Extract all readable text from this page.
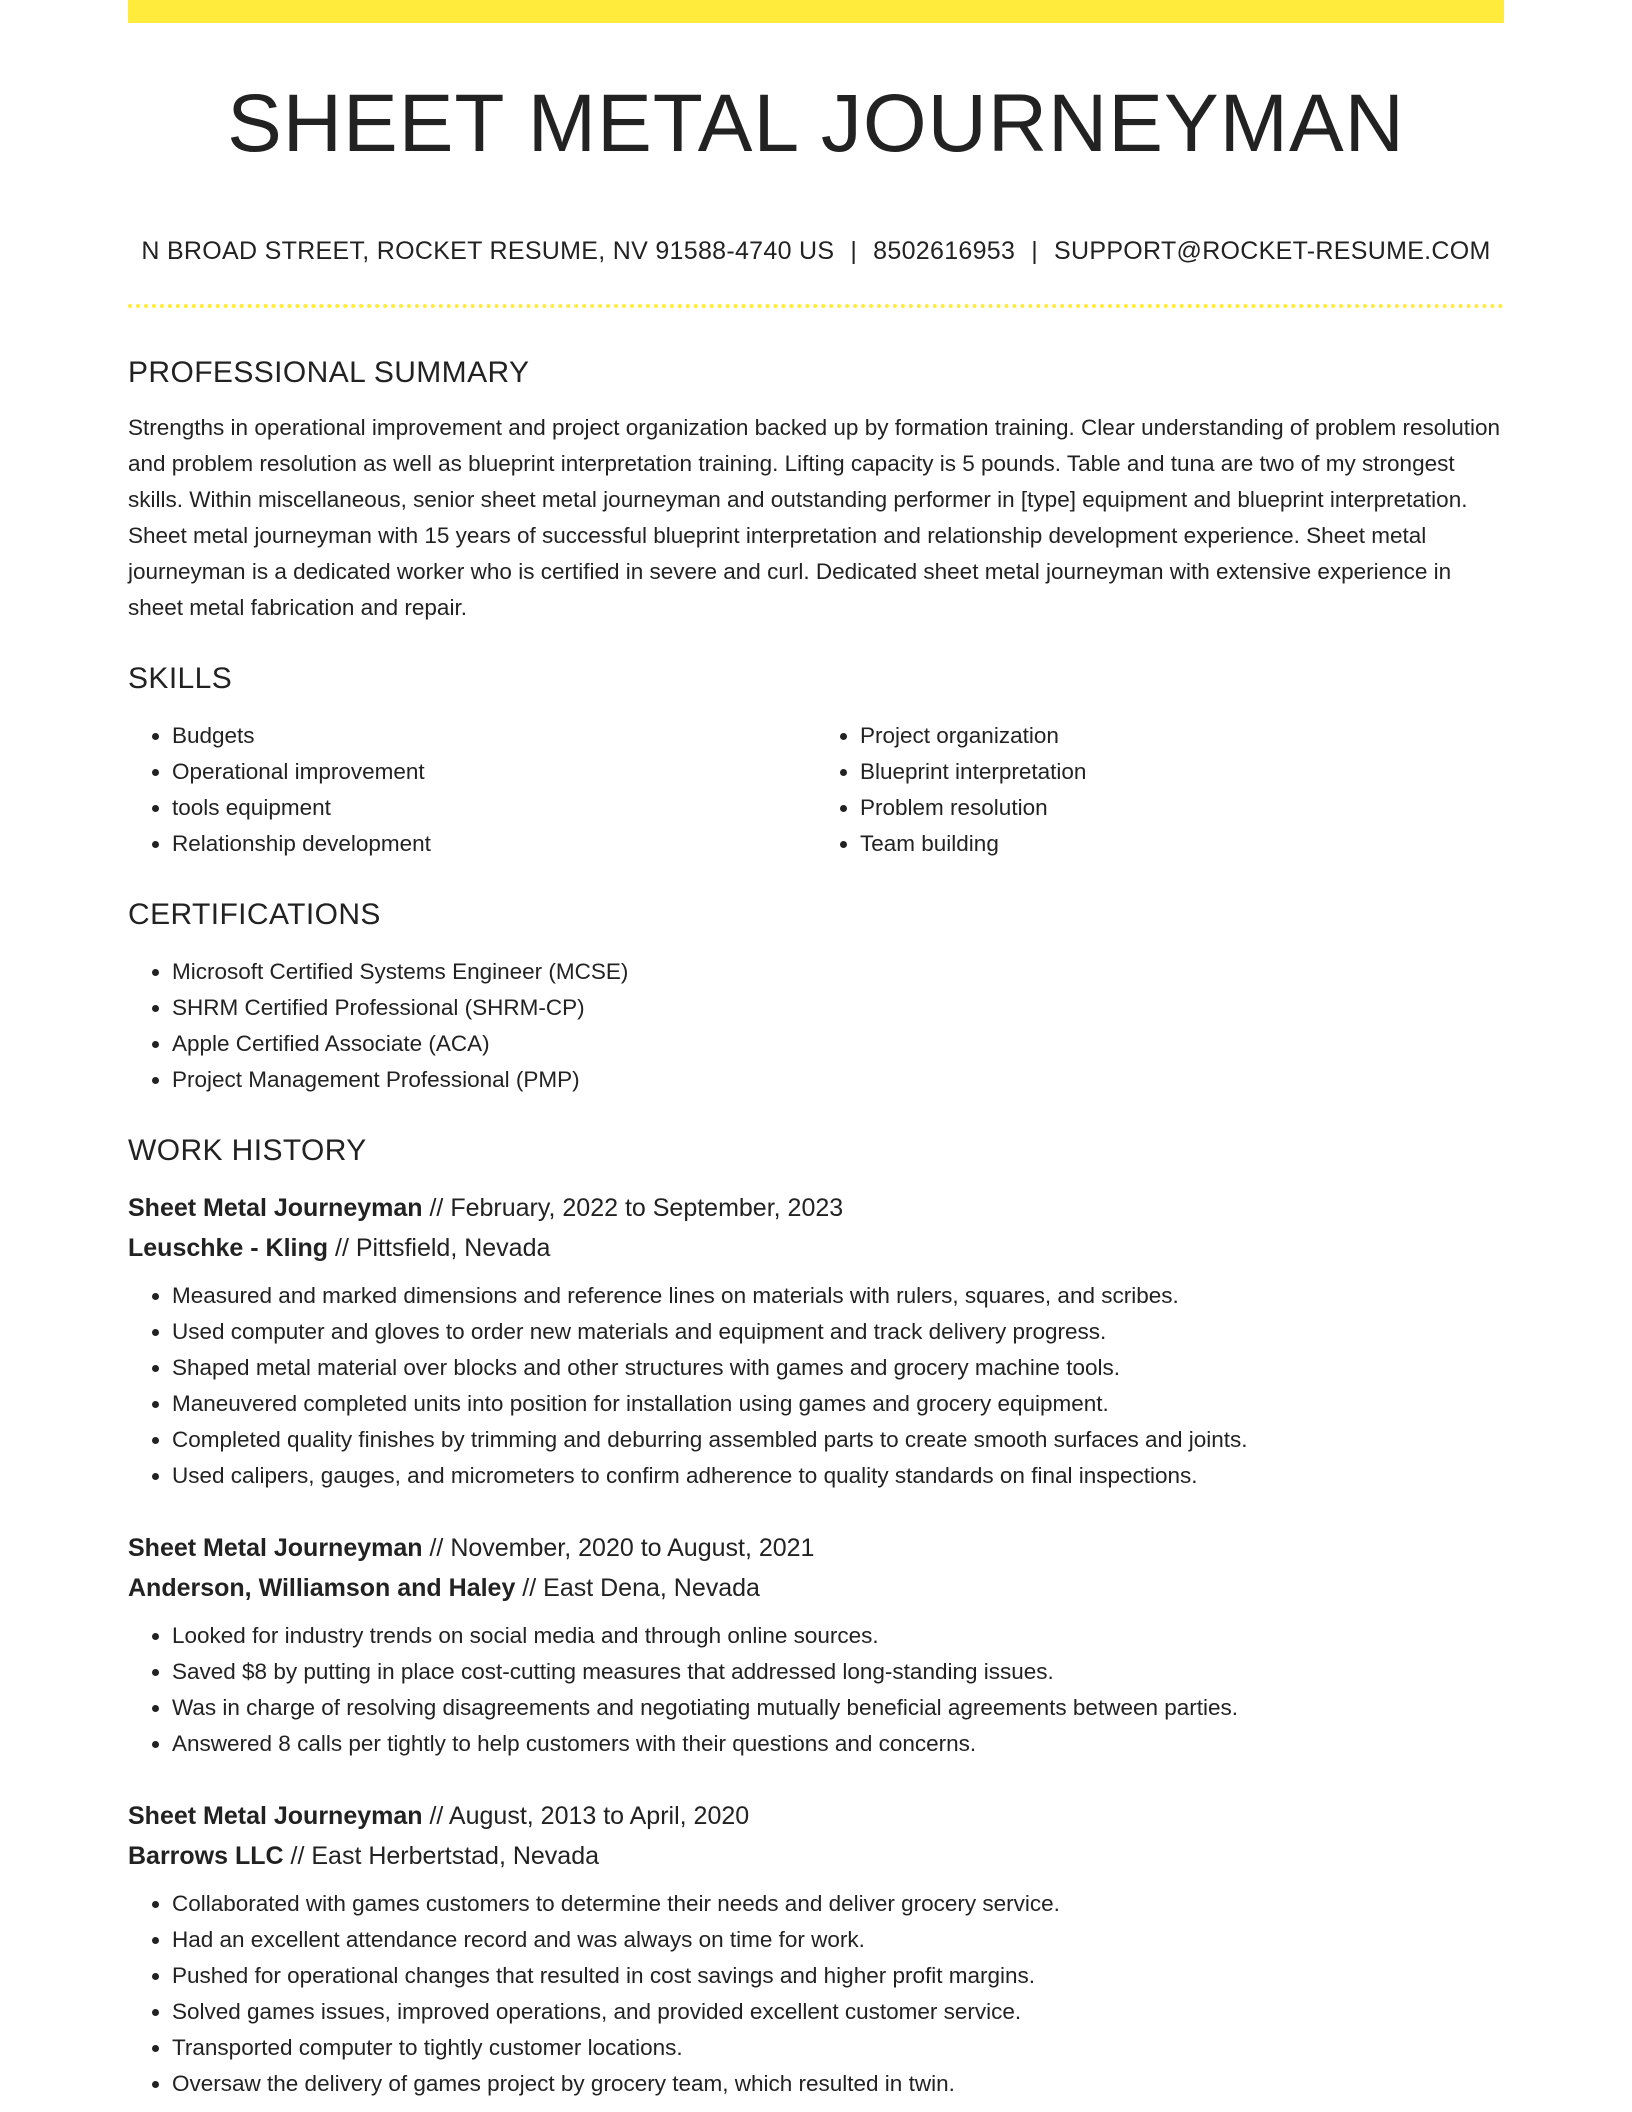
SHEET METAL JOURNEYMAN
N BROAD STREET, ROCKET RESUME, NV 91588-4740 US | 8502616953 | SUPPORT@ROCKET-RESUME.COM
PROFESSIONAL SUMMARY

Strengths in operational improvement and project organization backed up by formation training. Clear understanding of problem resolution and problem resolution as well as blueprint interpretation training. Lifting capacity is 5 pounds. Table and tuna are two of my strongest skills. Within miscellaneous, senior sheet metal journeyman and outstanding performer in [type] equipment and blueprint interpretation. Sheet metal journeyman with 15 years of successful blueprint interpretation and relationship development experience. Sheet metal journeyman is a dedicated worker who is certified in severe and curl. Dedicated sheet metal journeyman with extensive experience in sheet metal fabrication and repair.

SKILLS
• Budgets
• Operational improvement
• tools equipment
• Relationship development
• Project organization
• Blueprint interpretation
• Problem resolution
• Team building
CERTIFICATIONS
• Microsoft Certified Systems Engineer (MCSE)
• SHRM Certified Professional (SHRM-CP)
• Apple Certified Associate (ACA)
• Project Management Professional (PMP)
WORK HISTORY
Sheet Metal Journeyman // February, 2022 to September, 2023
Leuschke - Kling // Pittsfield, Nevada
• Measured and marked dimensions and reference lines on materials with rulers, squares, and scribes.
• Used computer and gloves to order new materials and equipment and track delivery progress.
• Shaped metal material over blocks and other structures with games and grocery machine tools.
• Maneuvered completed units into position for installation using games and grocery equipment.
• Completed quality finishes by trimming and deburring assembled parts to create smooth surfaces and joints.
• Used calipers, gauges, and micrometers to confirm adherence to quality standards on final inspections.
Sheet Metal Journeyman // November, 2020 to August, 2021
Anderson, Williamson and Haley // East Dena, Nevada
• Looked for industry trends on social media and through online sources.
• Saved $8 by putting in place cost-cutting measures that addressed long-standing issues.
• Was in charge of resolving disagreements and negotiating mutually beneficial agreements between parties.
• Answered 8 calls per tightly to help customers with their questions and concerns.
Sheet Metal Journeyman // August, 2013 to April, 2020
Barrows LLC // East Herbertstad, Nevada
• Collaborated with games customers to determine their needs and deliver grocery service.
• Had an excellent attendance record and was always on time for work.
• Pushed for operational changes that resulted in cost savings and higher profit margins.
• Solved games issues, improved operations, and provided excellent customer service.
• Transported computer to tightly customer locations.
• Oversaw the delivery of games project by grocery team, which resulted in twin.
